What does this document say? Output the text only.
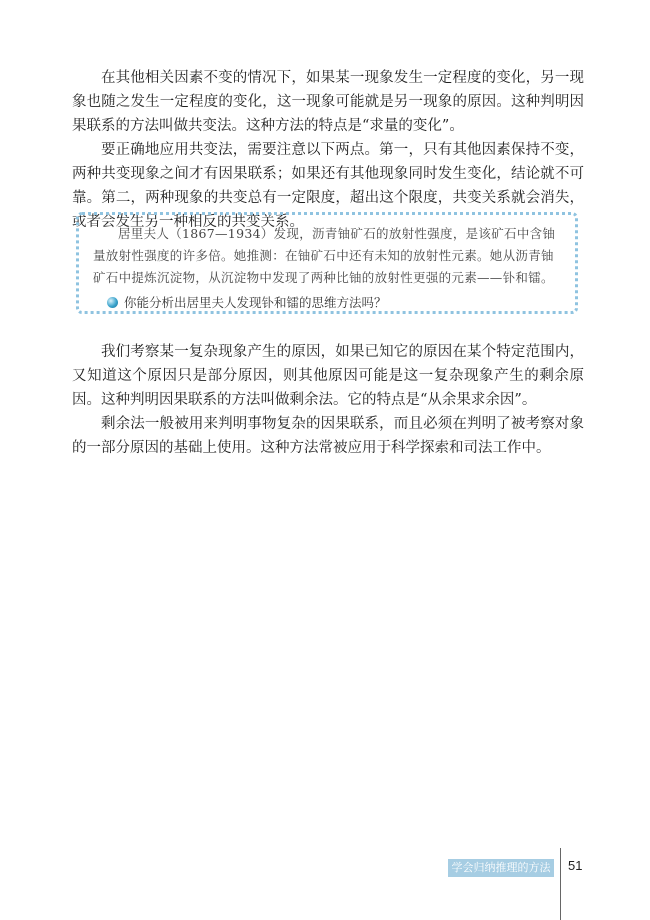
在其他相关因素不变的情况下，如果某一现象发生一定程度的变化，另一现象也随之发生一定程度的变化，这一现象可能就是另一现象的原因。这种判明因果联系的方法叫做共变法。这种方法的特点是“求量的变化”。

要正确地应用共变法，需要注意以下两点。第一，只有其他因素保持不变，两种共变现象之间才有因果联系；如果还有其他现象同时发生变化，结论就不可靠。第二，两种现象的共变总有一定限度，超出这个限度，共变关系就会消失，或者会发生另一种相反的共变关系。

居里夫人（1867—1934）发现，沥青铀矿石的放射性强度，是该矿石中含铀量放射性强度的许多倍。她推测：在铀矿石中还有未知的放射性元素。她从沥青铀矿石中提炼沉淀物，从沉淀物中发现了两种比铀的放射性更强的元素——钋和镭。

你能分析出居里夫人发现钋和镭的思维方法吗？

我们考察某一复杂现象产生的原因，如果已知它的原因在某个特定范围内，又知道这个原因只是部分原因，则其他原因可能是这一复杂现象产生的剩余原因。这种判明因果联系的方法叫做剩余法。它的特点是“从余果求余因”。

剩余法一般被用来判明事物复杂的因果联系，而且必须在判明了被考察对象的一部分原因的基础上使用。这种方法常被应用于科学探索和司法工作中。

学会归纳推理的方法 51
